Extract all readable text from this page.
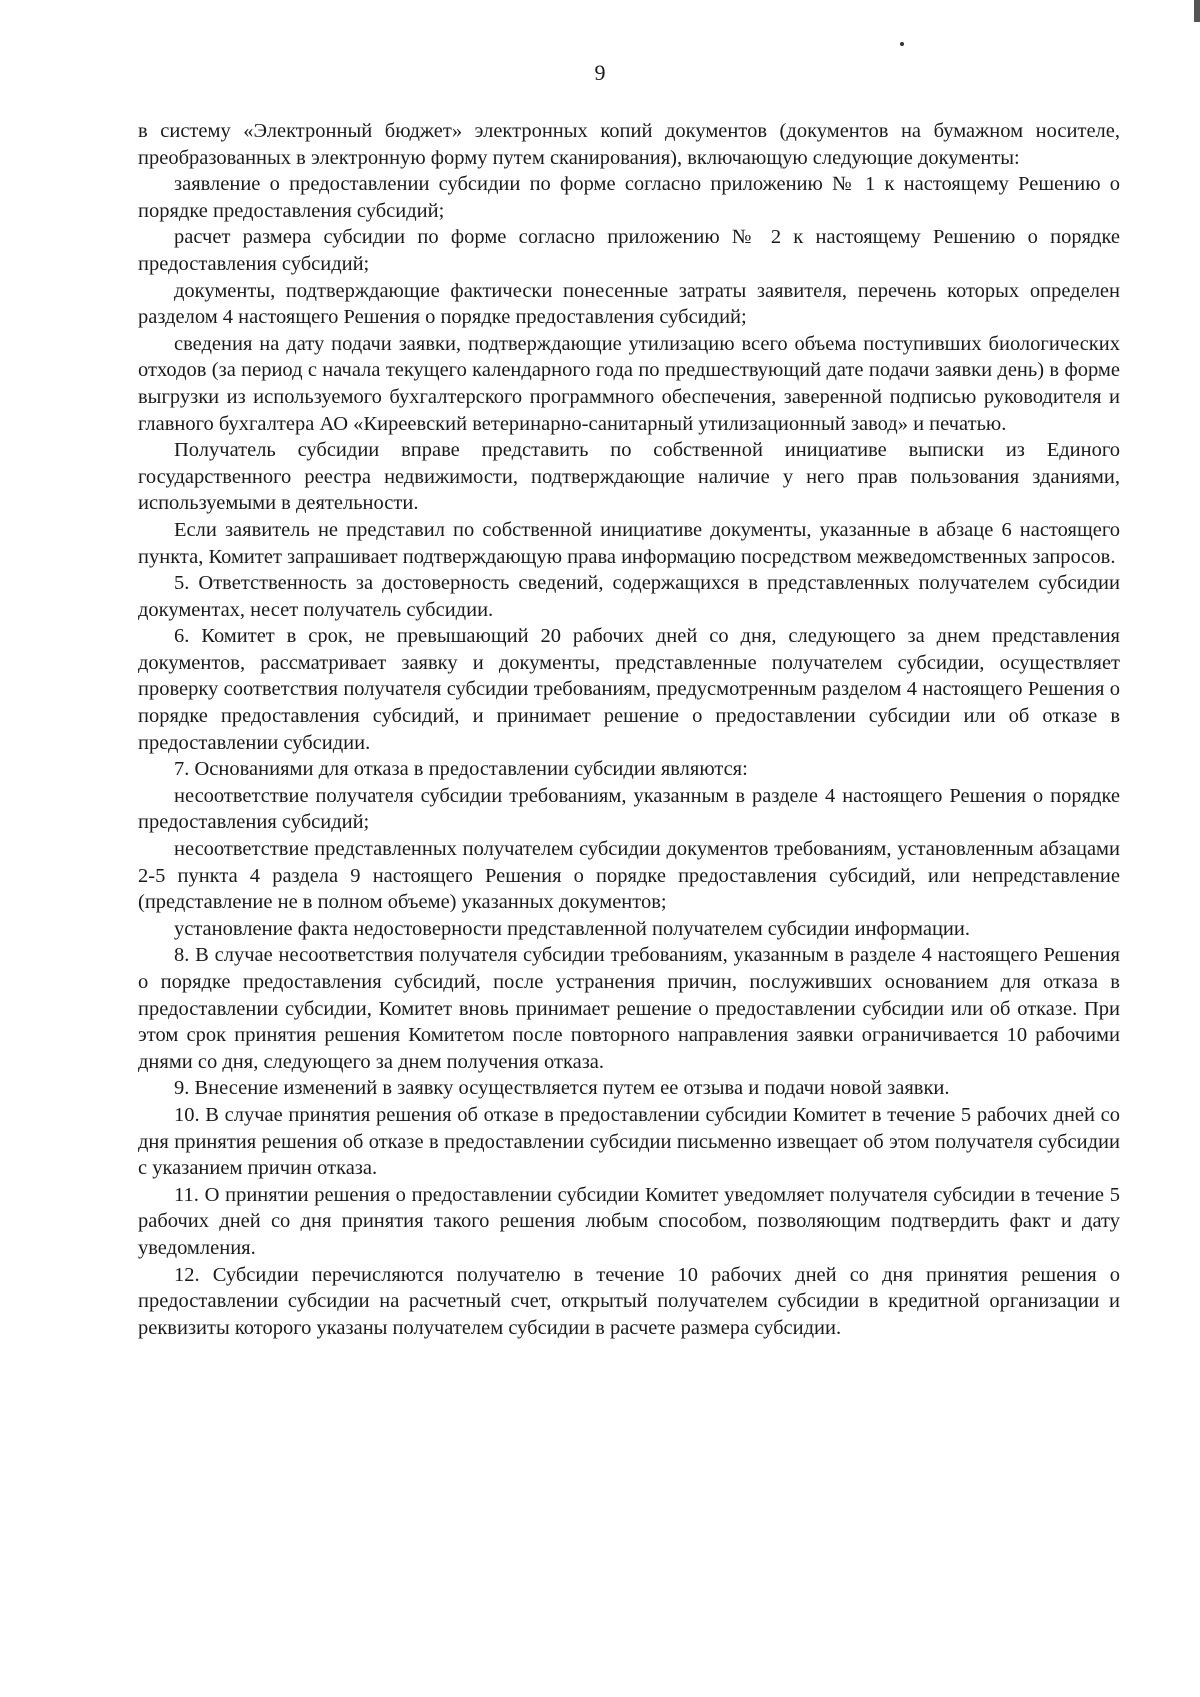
9

в систему «Электронный бюджет» электронных копий документов (документов на бумажном носителе, преобразованных в электронную форму путем сканирования), включающую следующие документы:

заявление о предоставлении субсидии по форме согласно приложению № 1 к настоящему Решению о порядке предоставления субсидий;

расчет размера субсидии по форме согласно приложению № 2 к настоящему Решению о порядке предоставления субсидий;

документы, подтверждающие фактически понесенные затраты заявителя, перечень которых определен разделом 4 настоящего Решения о порядке предоставления субсидий;

сведения на дату подачи заявки, подтверждающие утилизацию всего объема поступивших биологических отходов (за период с начала текущего календарного года по предшествующий дате подачи заявки день) в форме выгрузки из используемого бухгалтерского программного обеспечения, заверенной подписью руководителя и главного бухгалтера АО «Киреевский ветеринарно-санитарный утилизационный завод» и печатью.

Получатель субсидии вправе представить по собственной инициативе выписки из Единого государственного реестра недвижимости, подтверждающие наличие у него прав пользования зданиями, используемыми в деятельности.

Если заявитель не представил по собственной инициативе документы, указанные в абзаце 6 настоящего пункта, Комитет запрашивает подтверждающую права информацию посредством межведомственных запросов.

5. Ответственность за достоверность сведений, содержащихся в представленных получателем субсидии документах, несет получатель субсидии.

6. Комитет в срок, не превышающий 20 рабочих дней со дня, следующего за днем представления документов, рассматривает заявку и документы, представленные получателем субсидии, осуществляет проверку соответствия получателя субсидии требованиям, предусмотренным разделом 4 настоящего Решения о порядке предоставления субсидий, и принимает решение о предоставлении субсидии или об отказе в предоставлении субсидии.

7. Основаниями для отказа в предоставлении субсидии являются:

несоответствие получателя субсидии требованиям, указанным в разделе 4 настоящего Решения о порядке предоставления субсидий;

несоответствие представленных получателем субсидии документов требованиям, установленным абзацами 2-5 пункта 4 раздела 9 настоящего Решения о порядке предоставления субсидий, или непредставление (представление не в полном объеме) указанных документов;

установление факта недостоверности представленной получателем субсидии информации.

8. В случае несоответствия получателя субсидии требованиям, указанным в разделе 4 настоящего Решения о порядке предоставления субсидий, после устранения причин, послуживших основанием для отказа в предоставлении субсидии, Комитет вновь принимает решение о предоставлении субсидии или об отказе. При этом срок принятия решения Комитетом после повторного направления заявки ограничивается 10 рабочими днями со дня, следующего за днем получения отказа.

9. Внесение изменений в заявку осуществляется путем ее отзыва и подачи новой заявки.

10. В случае принятия решения об отказе в предоставлении субсидии Комитет в течение 5 рабочих дней со дня принятия решения об отказе в предоставлении субсидии письменно извещает об этом получателя субсидии с указанием причин отказа.

11. О принятии решения о предоставлении субсидии Комитет уведомляет получателя субсидии в течение 5 рабочих дней со дня принятия такого решения любым способом, позволяющим подтвердить факт и дату уведомления.

12. Субсидии перечисляются получателю в течение 10 рабочих дней со дня принятия решения о предоставлении субсидии на расчетный счет, открытый получателем субсидии в кредитной организации и реквизиты которого указаны получателем субсидии в расчете размера субсидии.
